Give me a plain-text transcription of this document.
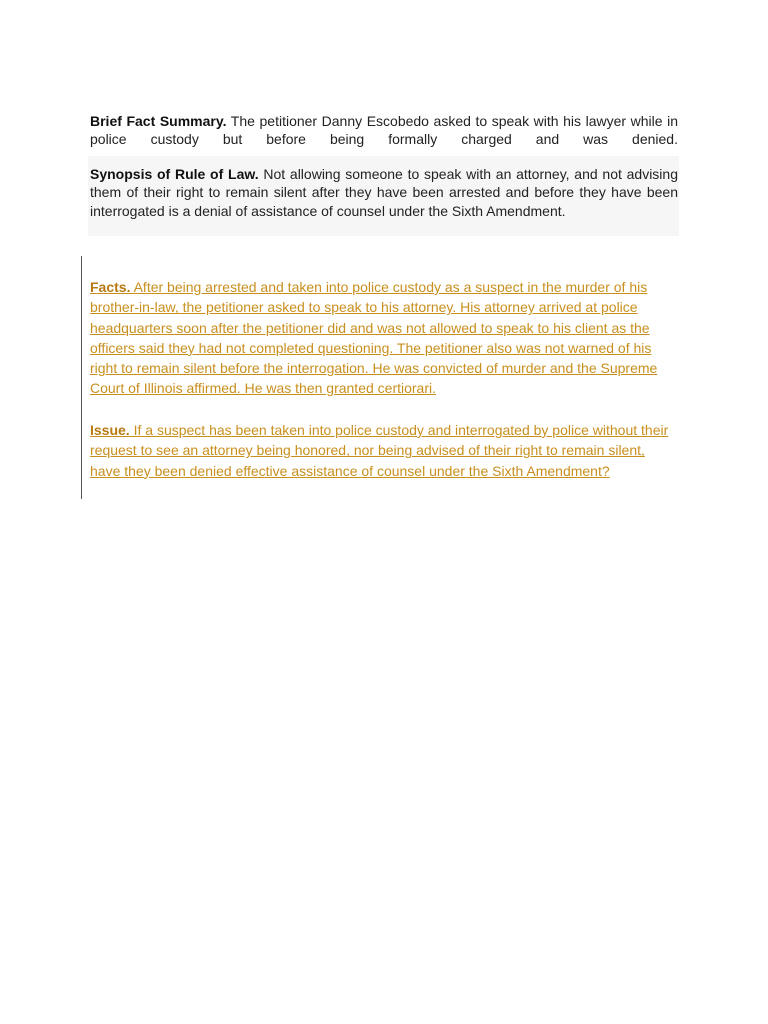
Brief Fact Summary. The petitioner Danny Escobedo asked to speak with his lawyer while in police custody but before being formally charged and was denied.

Synopsis of Rule of Law. Not allowing someone to speak with an attorney, and not advising them of their right to remain silent after they have been arrested and before they have been interrogated is a denial of assistance of counsel under the Sixth Amendment.

Facts. After being arrested and taken into police custody as a suspect in the murder of his brother-in-law, the petitioner asked to speak to his attorney. His attorney arrived at police headquarters soon after the petitioner did and was not allowed to speak to his client as the officers said they had not completed questioning. The petitioner also was not warned of his right to remain silent before the interrogation. He was convicted of murder and the Supreme Court of Illinois affirmed. He was then granted certiorari.

Issue. If a suspect has been taken into police custody and interrogated by police without their request to see an attorney being honored, nor being advised of their right to remain silent, have they been denied effective assistance of counsel under the Sixth Amendment?
